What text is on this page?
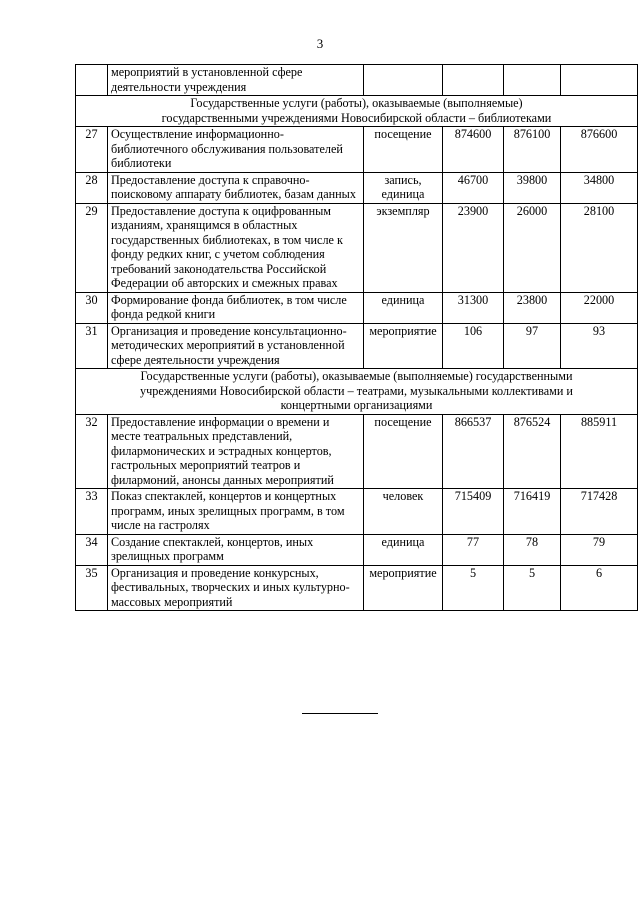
3
	мероприятий в установленной сфере деятельности учреждения				
Государственные услуги (работы), оказываемые (выполняемые) государственными учреждениями Новосибирской области – библиотеками					
27	Осуществление информационно-библиотечного обслуживания пользователей библиотеки	посещение	874600	876100	876600
28	Предоставление доступа к справочно-поисковому аппарату библиотек, базам данных	запись, единица	46700	39800	34800
29	Предоставление доступа к оцифрованным изданиям, хранящимся в областных государственных библиотеках, в том числе к фонду редких книг, с учетом соблюдения требований законодательства Российской Федерации об авторских и смежных правах	экземпляр	23900	26000	28100
30	Формирование фонда библиотек, в том числе фонда редкой книги	единица	31300	23800	22000
31	Организация и проведение консультационно-методических мероприятий в установленной сфере деятельности учреждения	мероприятие	106	97	93
Государственные услуги (работы), оказываемые (выполняемые) государственными учреждениями Новосибирской области – театрами, музыкальными коллективами и концертными организациями					
32	Предоставление информации о времени и месте театральных представлений, филармонических и эстрадных концертов, гастрольных мероприятий театров и филармоний, анонсы данных мероприятий	посещение	866537	876524	885911
33	Показ спектаклей, концертов и концертных программ, иных зрелищных программ, в том числе на гастролях	человек	715409	716419	717428
34	Создание спектаклей, концертов, иных зрелищных программ	единица	77	78	79
35	Организация и проведение конкурсных, фестивальных, творческих и иных культурно-массовых мероприятий	мероприятие	5	5	6
